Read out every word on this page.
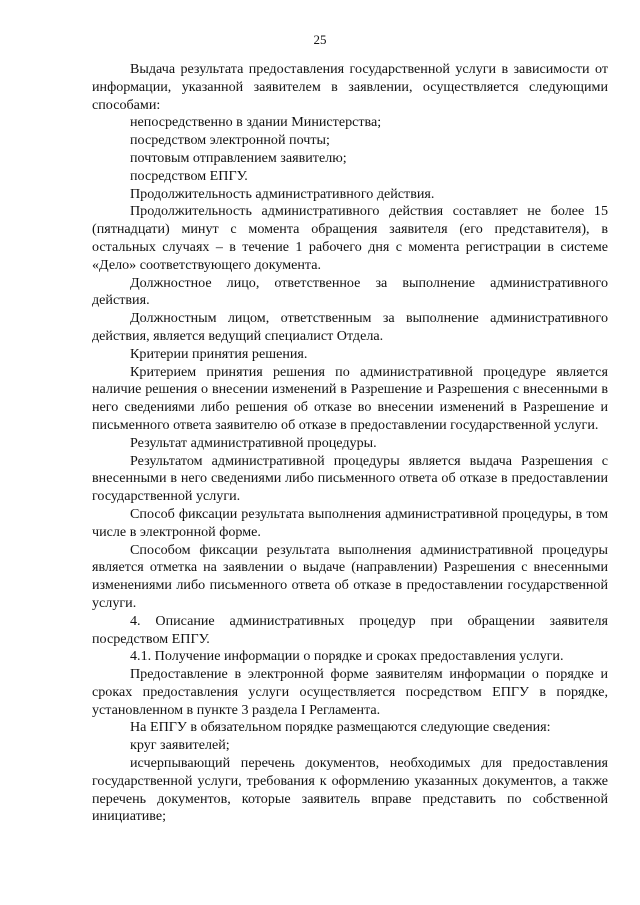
25

Выдача результата предоставления государственной услуги в зависимости от информации, указанной заявителем в заявлении, осуществляется следующими способами:

непосредственно в здании Министерства;

посредством электронной почты;

почтовым отправлением заявителю;

посредством ЕПГУ.

Продолжительность административного действия.

Продолжительность административного действия составляет не более 15 (пятнадцати) минут с момента обращения заявителя (его представителя), в остальных случаях – в течение 1 рабочего дня с момента регистрации в системе «Дело» соответствующего документа.

Должностное лицо, ответственное за выполнение административного действия.

Должностным лицом, ответственным за выполнение административного действия, является ведущий специалист Отдела.

Критерии принятия решения.

Критерием принятия решения по административной процедуре является наличие решения о внесении изменений в Разрешение и Разрешения с внесенными в него сведениями либо решения об отказе во внесении изменений в Разрешение и письменного ответа заявителю об отказе в предоставлении государственной услуги.

Результат административной процедуры.

Результатом административной процедуры является выдача Разрешения с внесенными в него сведениями либо письменного ответа об отказе в предоставлении государственной услуги.

Способ фиксации результата выполнения административной процедуры, в том числе в электронной форме.

Способом фиксации результата выполнения административной процедуры является отметка на заявлении о выдаче (направлении) Разрешения с внесенными изменениями либо письменного ответа об отказе в предоставлении государственной услуги.

4. Описание административных процедур при обращении заявителя посредством ЕПГУ.

4.1. Получение информации о порядке и сроках предоставления услуги.

Предоставление в электронной форме заявителям информации о порядке и сроках предоставления услуги осуществляется посредством ЕПГУ в порядке, установленном в пункте 3 раздела I Регламента.

На ЕПГУ в обязательном порядке размещаются следующие сведения:

круг заявителей;

исчерпывающий перечень документов, необходимых для предоставления государственной услуги, требования к оформлению указанных документов, а также перечень документов, которые заявитель вправе представить по собственной инициативе;
